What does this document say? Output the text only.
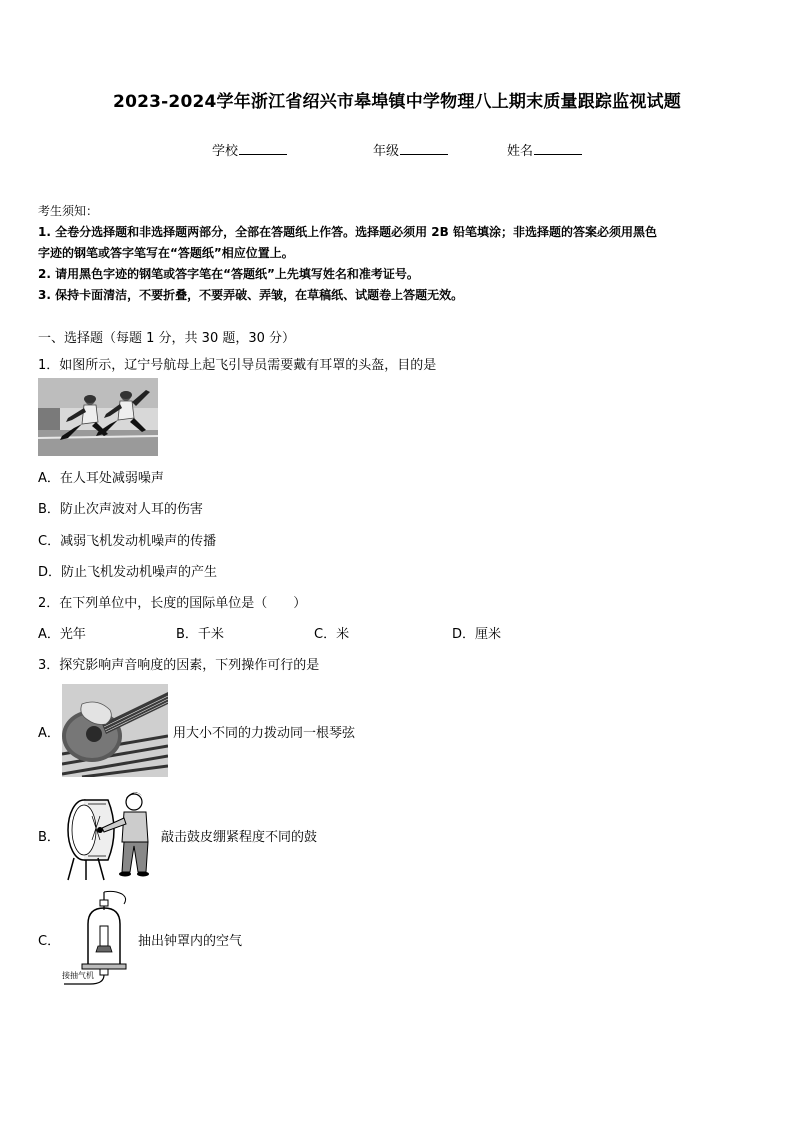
2023-2024学年浙江省绍兴市皋埠镇中学物理八上期末质量跟踪监视试题
学校	年级	姓名
考生须知：
1. 全卷分选择题和非选择题两部分，全部在答题纸上作答。选择题必须用 2B 铅笔填涂；非选择题的答案必须用黑色
字迹的钢笔或答字笔写在“答题纸”相应位置上。
2. 请用黑色字迹的钢笔或答字笔在“答题纸”上先填写姓名和准考证号。
3. 保持卡面清洁，不要折叠，不要弄破、弄皱，在草稿纸、试题卷上答题无效。
一、选择题（每题 1 分，共 30 题，30 分）
1．如图所示，辽宁号航母上起飞引导员需要戴有耳罩的头盔，目的是
A．在人耳处减弱噪声
B．防止次声波对人耳的伤害
C．减弱飞机发动机噪声的传播
D．防止飞机发动机噪声的产生
2．在下列单位中，长度的国际单位是（　　）
A．光年	B．千米	C．米	D．厘米
3．探究影响声音响度的因素，下列操作可行的是
A．	用大小不同的力拨动同一根琴弦
B．	敲击鼓皮绷紧程度不同的鼓
C．
接抽气机
抽出钟罩内的空气
